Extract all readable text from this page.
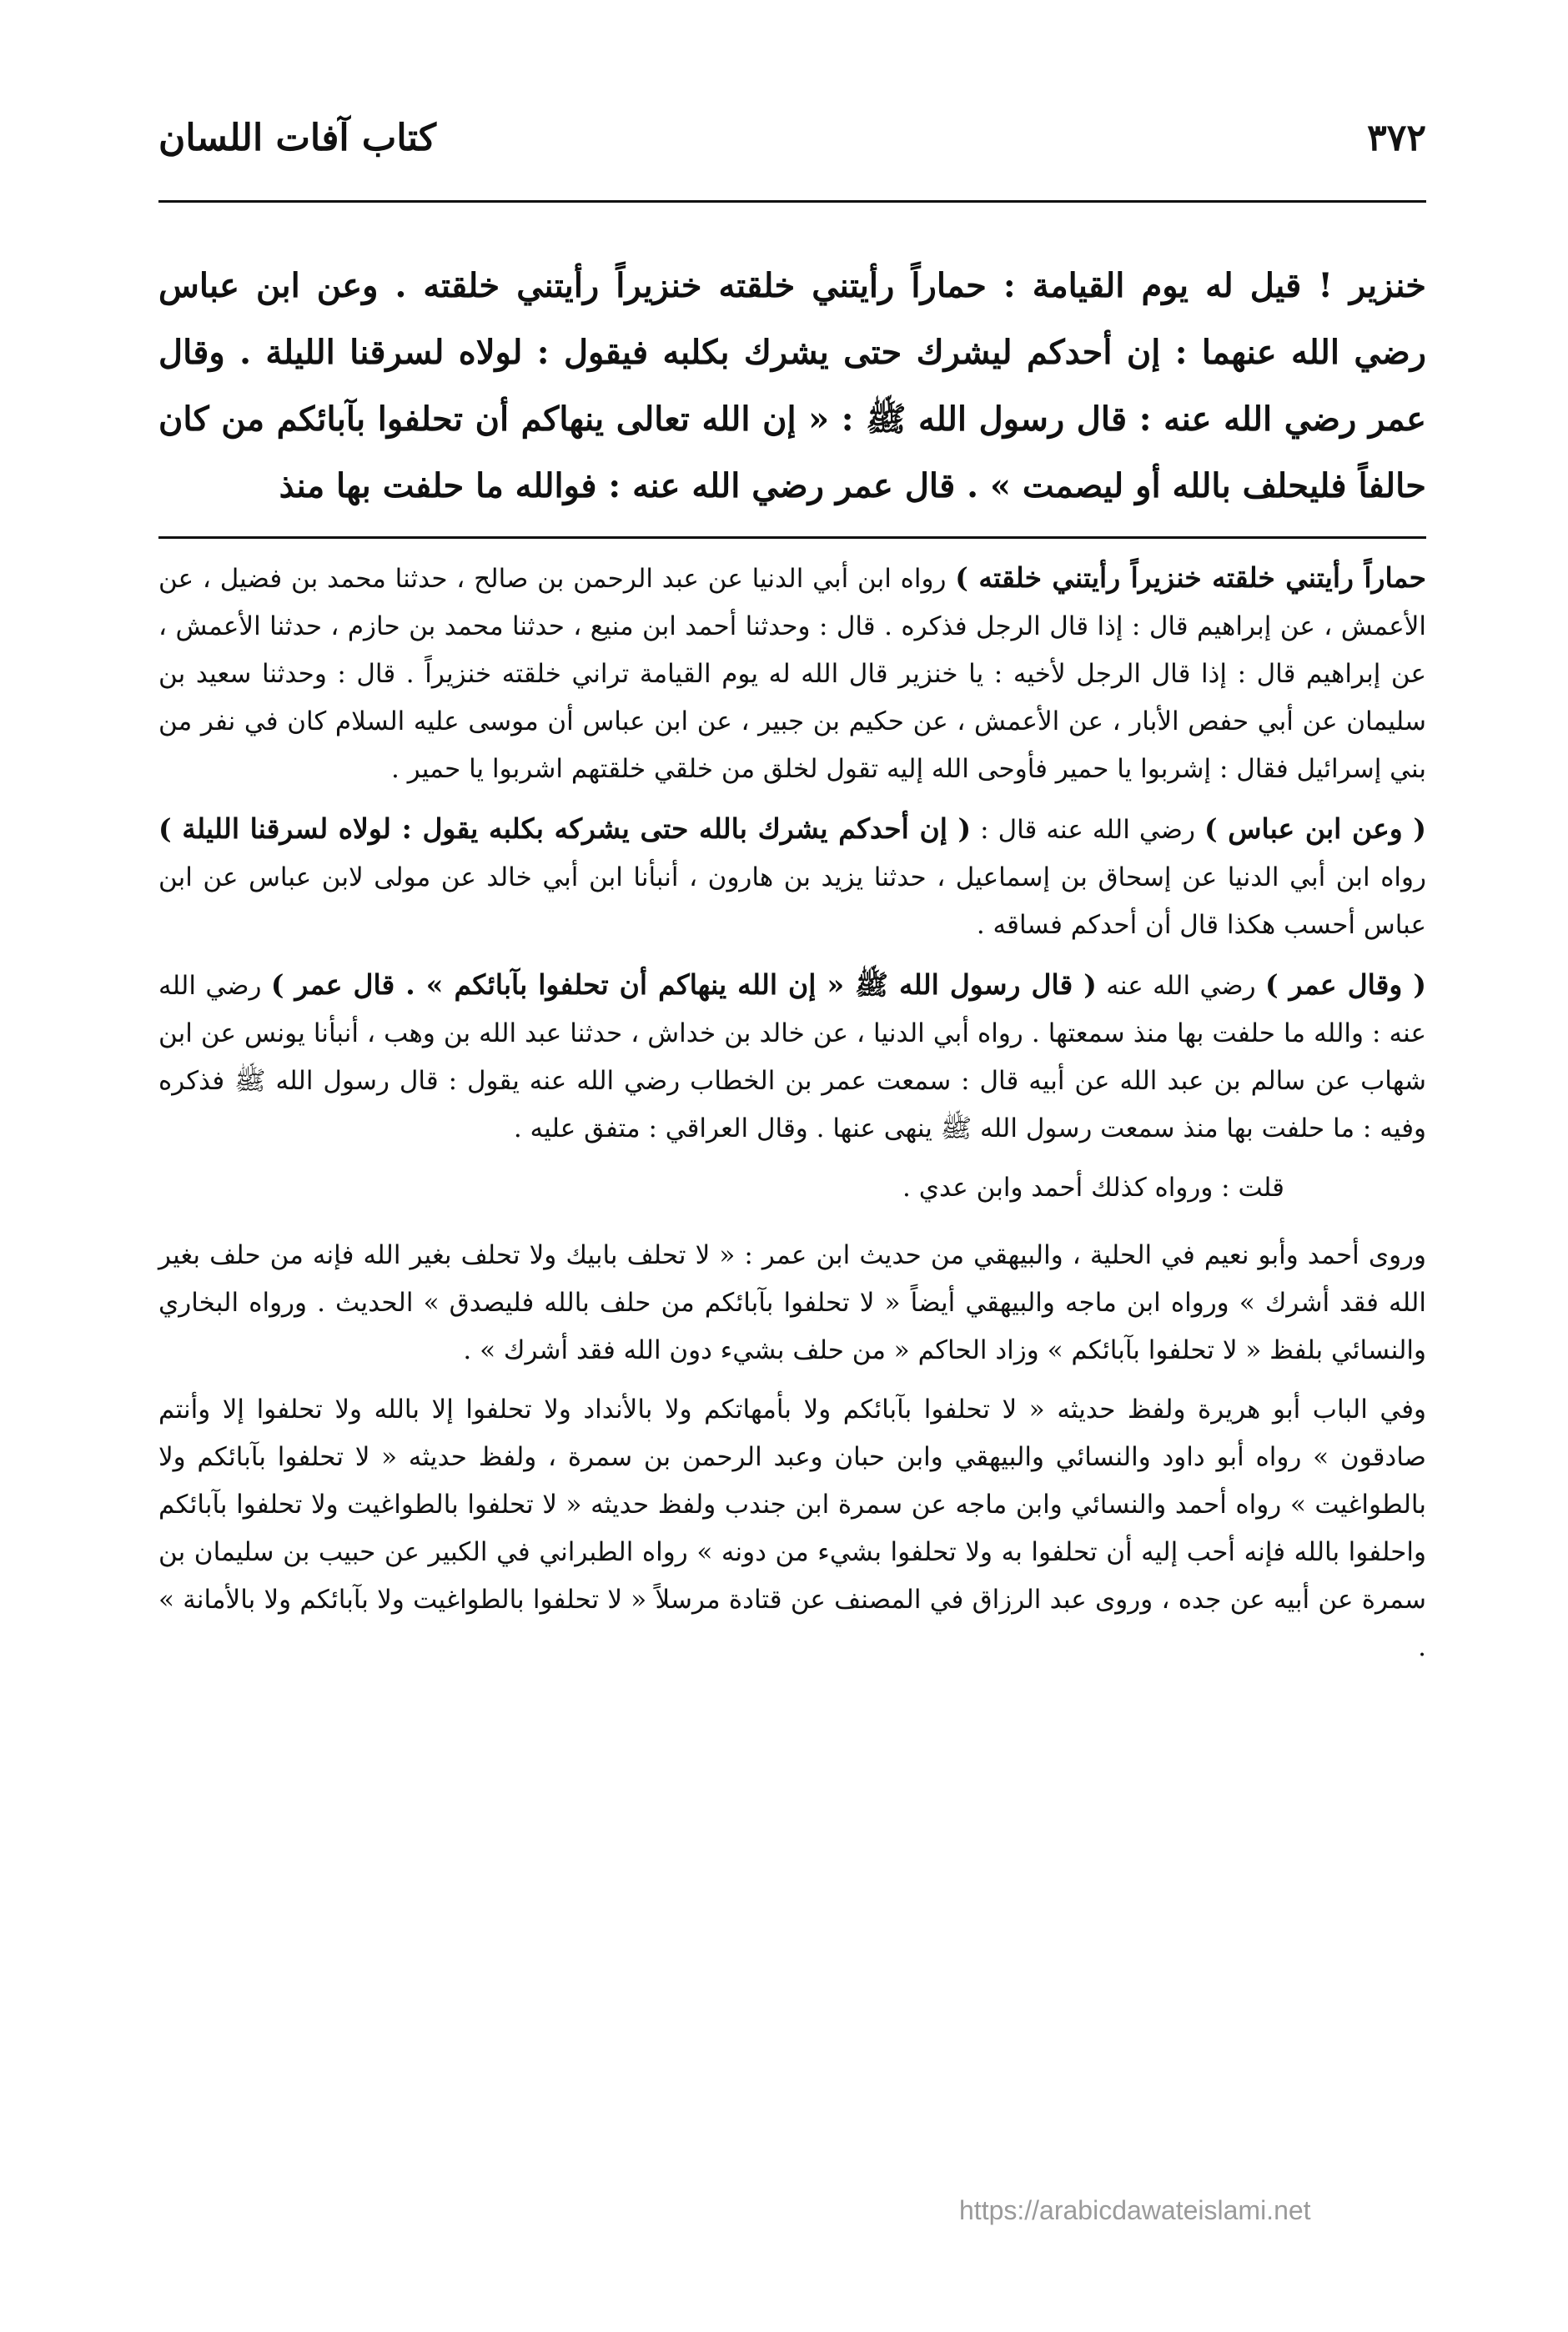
٣٧٢
كتاب آفات اللسان
خنزير ! قيل له يوم القيامة : حماراً رأيتني خلقته خنزيراً رأيتني خلقته . وعن ابن عباس رضي الله عنهما : إن أحدكم ليشرك حتى يشرك بكلبه فيقول : لولاه لسرقنا الليلة . وقال عمر رضي الله عنه : قال رسول الله ﷺ : « إن الله تعالى ينهاكم أن تحلفوا بآبائكم من كان حالفاً فليحلف بالله أو ليصمت » . قال عمر رضي الله عنه : فوالله ما حلفت بها منذ

حماراً رأيتني خلقته خنزيراً رأيتني خلقته ) رواه ابن أبي الدنيا عن عبد الرحمن بن صالح ، حدثنا محمد بن فضيل ، عن الأعمش ، عن إبراهيم قال : إذا قال الرجل فذكره . قال : وحدثنا أحمد ابن منيع ، حدثنا محمد بن حازم ، حدثنا الأعمش ، عن إبراهيم قال : إذا قال الرجل لأخيه : يا خنزير قال الله له يوم القيامة تراني خلقته خنزيراً . قال : وحدثنا سعيد بن سليمان عن أبي حفص الأبار ، عن الأعمش ، عن حكيم بن جبير ، عن ابن عباس أن موسى عليه السلام كان في نفر من بني إسرائيل فقال : إشربوا يا حمير فأوحى الله إليه تقول لخلق من خلقي خلقتهم اشربوا يا حمير .

( وعن ابن عباس ) رضي الله عنه قال : ( إن أحدكم يشرك بالله حتى يشركه بكلبه يقول : لولاه لسرقنا الليلة ) رواه ابن أبي الدنيا عن إسحاق بن إسماعيل ، حدثنا يزيد بن هارون ، أنبأنا ابن أبي خالد عن مولى لابن عباس عن ابن عباس أحسب هكذا قال أن أحدكم فساقه .

( وقال عمر ) رضي الله عنه ( قال رسول الله ﷺ « إن الله ينهاكم أن تحلفوا بآبائكم » . قال عمر ) رضي الله عنه : والله ما حلفت بها منذ سمعتها . رواه أبي الدنيا ، عن خالد بن خداش ، حدثنا عبد الله بن وهب ، أنبأنا يونس عن ابن شهاب عن سالم بن عبد الله عن أبيه قال : سمعت عمر بن الخطاب رضي الله عنه يقول : قال رسول الله ﷺ فذكره وفيه : ما حلفت بها منذ سمعت رسول الله ﷺ ينهى عنها . وقال العراقي : متفق عليه .

قلت : ورواه كذلك أحمد وابن عدي .

وروى أحمد وأبو نعيم في الحلية ، والبيهقي من حديث ابن عمر : « لا تحلف بابيك ولا تحلف بغير الله فإنه من حلف بغير الله فقد أشرك » ورواه ابن ماجه والبيهقي أيضاً « لا تحلفوا بآبائكم من حلف بالله فليصدق » الحديث . ورواه البخاري والنسائي بلفظ « لا تحلفوا بآبائكم » وزاد الحاكم « من حلف بشيء دون الله فقد أشرك » .

وفي الباب أبو هريرة ولفظ حديثه « لا تحلفوا بآبائكم ولا بأمهاتكم ولا بالأنداد ولا تحلفوا إلا بالله ولا تحلفوا إلا وأنتم صادقون » رواه أبو داود والنسائي والبيهقي وابن حبان وعبد الرحمن بن سمرة ، ولفظ حديثه « لا تحلفوا بآبائكم ولا بالطواغيت » رواه أحمد والنسائي وابن ماجه عن سمرة ابن جندب ولفظ حديثه « لا تحلفوا بالطواغيت ولا تحلفوا بآبائكم واحلفوا بالله فإنه أحب إليه أن تحلفوا به ولا تحلفوا بشيء من دونه » رواه الطبراني في الكبير عن حبيب بن سليمان بن سمرة عن أبيه عن جده ، وروى عبد الرزاق في المصنف عن قتادة مرسلاً « لا تحلفوا بالطواغيت ولا بآبائكم ولا بالأمانة » .

https://arabicdawateislami.net
